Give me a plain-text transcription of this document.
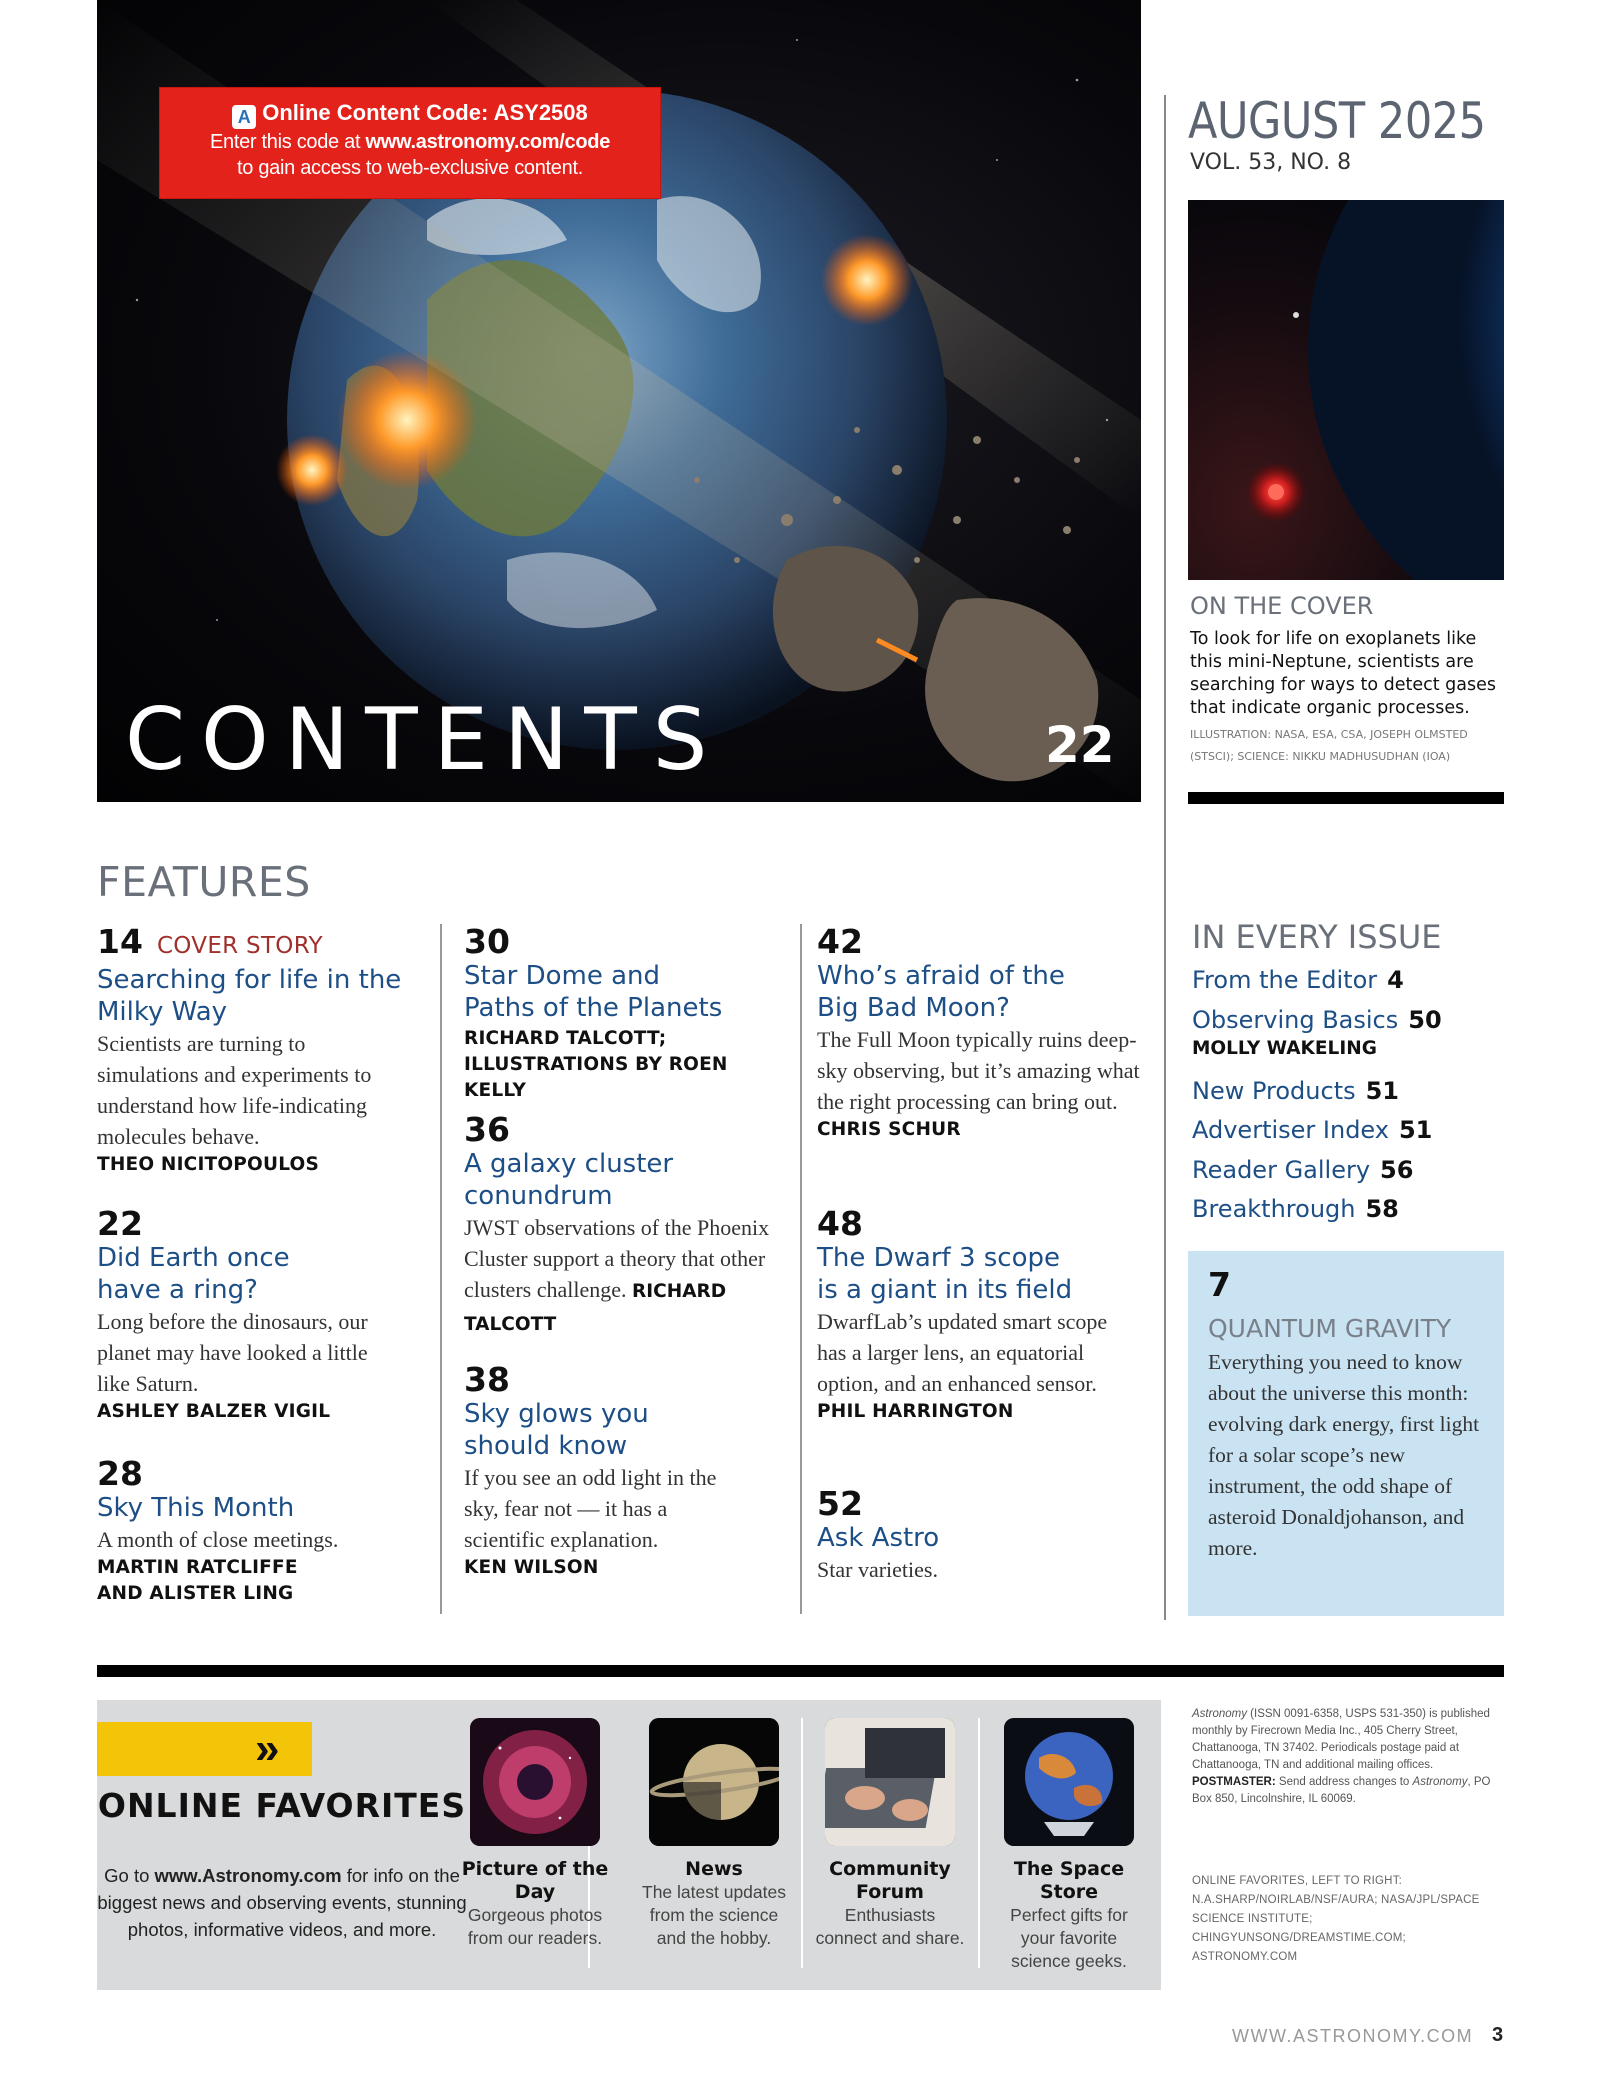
A Online Content Code: ASY2508
Enter this code at www.astronomy.com/code
to gain access to web-exclusive content.
CONTENTS	22
AUGUST 2025
VOL. 53, NO. 8
ON THE COVER
To look for life on exoplanets like this mini-Neptune, scientists are searching for ways to detect gases that indicate organic processes.
ILLUSTRATION: NASA, ESA, CSA, JOSEPH OLMSTED (STSCI); SCIENCE: NIKKU MADHUSUDHAN (IOA)
FEATURES
14 COVER STORY
Searching for life in the Milky Way
Scientists are turning to simulations and experiments to understand how life-indicating molecules behave.
THEO NICITOPOULOS
22
Did Earth once have a ring?
Long before the dinosaurs, our planet may have looked a little like Saturn.
ASHLEY BALZER VIGIL
28
Sky This Month
A month of close meetings.
MARTIN RATCLIFFE AND ALISTER LING
30
Star Dome and Paths of the Planets
RICHARD TALCOTT; ILLUSTRATIONS BY ROEN KELLY
36
A galaxy cluster conundrum
JWST observations of the Phoenix Cluster support a theory that other clusters challenge. RICHARD TALCOTT
38
Sky glows you should know
If you see an odd light in the sky, fear not — it has a scientific explanation.
KEN WILSON
42
Who’s afraid of the Big Bad Moon?
The Full Moon typically ruins deep-sky observing, but it’s amazing what the right processing can bring out.
CHRIS SCHUR
48
The Dwarf 3 scope is a giant in its field
DwarfLab’s updated smart scope has a larger lens, an equatorial option, and an enhanced sensor.
PHIL HARRINGTON
52
Ask Astro
Star varieties.
IN EVERY ISSUE
From the Editor 4
Observing Basics 50
MOLLY WAKELING
New Products 51
Advertiser Index 51
Reader Gallery 56
Breakthrough 58
7
QUANTUM GRAVITY
Everything you need to know about the universe this month: evolving dark energy, first light for a solar scope’s new instrument, the odd shape of asteroid Donaldjohanson, and more.
»
ONLINE FAVORITES
Go to www.Astronomy.com for info on the biggest news and observing events, stunning photos, informative videos, and more.
Picture of the Day
Gorgeous photos from our readers.
News
The latest updates from the science and the hobby.
Community Forum
Enthusiasts connect and share.
The Space Store
Perfect gifts for your favorite science geeks.
Astronomy (ISSN 0091-6358, USPS 531-350) is published monthly by Firecrown Media Inc., 405 Cherry Street, Chattanooga, TN 37402. Periodicals postage paid at Chattanooga, TN and additional mailing offices. POSTMASTER: Send address changes to Astronomy, PO Box 850, Lincolnshire, IL 60069.
ONLINE FAVORITES, LEFT TO RIGHT: N.A.SHARP/NOIRLAB/NSF/AURA; NASA/JPL/SPACE SCIENCE INSTITUTE; CHINGYUNSONG/DREAMSTIME.COM; ASTRONOMY.COM
WWW.ASTRONOMY.COM 3
